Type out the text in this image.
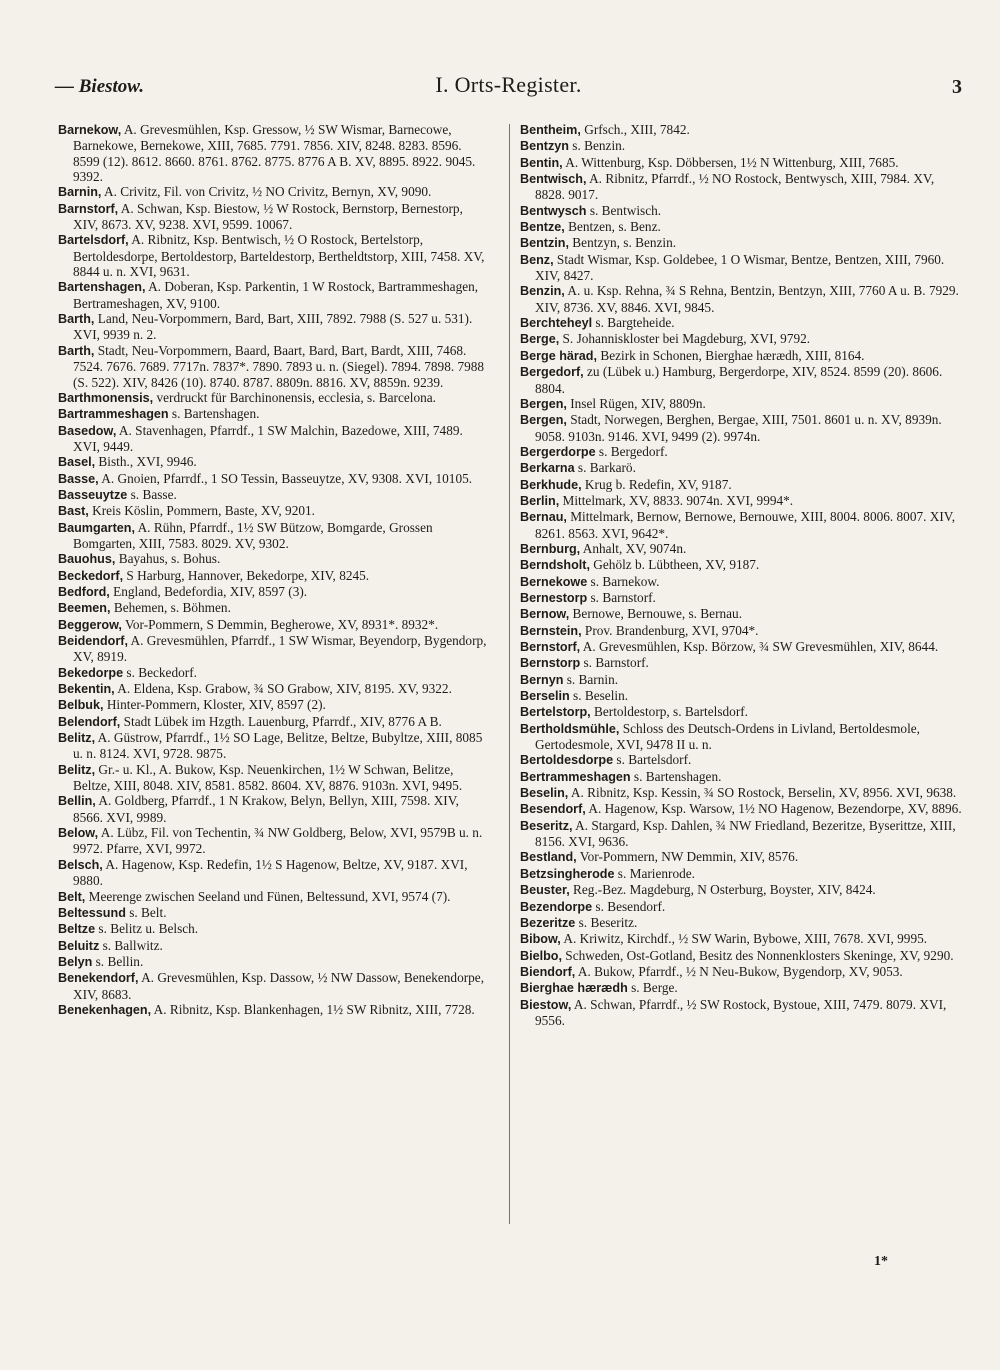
— Biestow.	I. Orts-Register.	3

Barnekow, A. Grevesmühlen, Ksp. Gressow, ½ SW Wismar, Barnecowe, Barnekowe, Bernekowe, XIII, 7685. 7791. 7856. XIV, 8248. 8283. 8596. 8599 (12). 8612. 8660. 8761. 8762. 8775. 8776 A B. XV, 8895. 8922. 9045. 9392.

Barnin, A. Crivitz, Fil. von Crivitz, ½ NO Crivitz, Bernyn, XV, 9090.

Barnstorf, A. Schwan, Ksp. Biestow, ½ W Rostock, Bernstorp, Bernestorp, XIV, 8673. XV, 9238. XVI, 9599. 10067.

Bartelsdorf, A. Ribnitz, Ksp. Bentwisch, ½ O Rostock, Bertelstorp, Bertoldesdorpe, Bertoldestorp, Barteldestorp, Bertheldtstorp, XIII, 7458. XV, 8844 u. n. XVI, 9631.

Bartenshagen, A. Doberan, Ksp. Parkentin, 1 W Rostock, Bartrammeshagen, Bertrameshagen, XV, 9100.

Barth, Land, Neu-Vorpommern, Bard, Bart, XIII, 7892. 7988 (S. 527 u. 531). XVI, 9939 n. 2.

Barth, Stadt, Neu-Vorpommern, Baard, Baart, Bard, Bart, Bardt, XIII, 7468. 7524. 7676. 7689. 7717n. 7837*. 7890. 7893 u. n. (Siegel). 7894. 7898. 7988 (S. 522). XIV, 8426 (10). 8740. 8787. 8809n. 8816. XV, 8859n. 9239.

Barthmonensis, verdruckt für Barchinonensis, ecclesia, s. Barcelona.

Bartrammeshagen s. Bartenshagen.

Basedow, A. Stavenhagen, Pfarrdf., 1 SW Malchin, Bazedowe, XIII, 7489. XVI, 9449.

Basel, Bisth., XVI, 9946.

Basse, A. Gnoien, Pfarrdf., 1 SO Tessin, Basseuytze, XV, 9308. XVI, 10105.

Basseuytze s. Basse.

Bast, Kreis Köslin, Pommern, Baste, XV, 9201.

Baumgarten, A. Rühn, Pfarrdf., 1½ SW Bützow, Bomgarde, Grossen Bomgarten, XIII, 7583. 8029. XV, 9302.

Bauohus, Bayahus, s. Bohus.

Beckedorf, S Harburg, Hannover, Bekedorpe, XIV, 8245.

Bedford, England, Bedefordia, XIV, 8597 (3).

Beemen, Behemen, s. Böhmen.

Beggerow, Vor-Pommern, S Demmin, Begherowe, XV, 8931*. 8932*.

Beidendorf, A. Grevesmühlen, Pfarrdf., 1 SW Wismar, Beyendorp, Bygendorp, XV, 8919.

Bekedorpe s. Beckedorf.

Bekentin, A. Eldena, Ksp. Grabow, ¾ SO Grabow, XIV, 8195. XV, 9322.

Belbuk, Hinter-Pommern, Kloster, XIV, 8597 (2).

Belendorf, Stadt Lübek im Hzgth. Lauenburg, Pfarrdf., XIV, 8776 A B.

Belitz, A. Güstrow, Pfarrdf., 1½ SO Lage, Belitze, Beltze, Bubyltze, XIII, 8085 u. n. 8124. XVI, 9728. 9875.

Belitz, Gr.- u. Kl., A. Bukow, Ksp. Neuenkirchen, 1½ W Schwan, Belitze, Beltze, XIII, 8048. XIV, 8581. 8582. 8604. XV, 8876. 9103n. XVI, 9495.

Bellin, A. Goldberg, Pfarrdf., 1 N Krakow, Belyn, Bellyn, XIII, 7598. XIV, 8566. XVI, 9989.

Below, A. Lübz, Fil. von Techentin, ¾ NW Goldberg, Below, XVI, 9579B u. n. 9972. Pfarre, XVI, 9972.

Belsch, A. Hagenow, Ksp. Redefin, 1½ S Hagenow, Beltze, XV, 9187. XVI, 9880.

Belt, Meerenge zwischen Seeland und Fünen, Beltessund, XVI, 9574 (7).

Beltessund s. Belt.

Beltze s. Belitz u. Belsch.

Beluitz s. Ballwitz.

Belyn s. Bellin.

Benekendorf, A. Grevesmühlen, Ksp. Dassow, ½ NW Dassow, Benekendorpe, XIV, 8683.

Benekenhagen, A. Ribnitz, Ksp. Blankenhagen, 1½ SW Ribnitz, XIII, 7728.

Bentheim, Grfsch., XIII, 7842.

Bentzyn s. Benzin.

Bentin, A. Wittenburg, Ksp. Döbbersen, 1½ N Wittenburg, XIII, 7685.

Bentwisch, A. Ribnitz, Pfarrdf., ½ NO Rostock, Bentwysch, XIII, 7984. XV, 8828. 9017.

Bentwysch s. Bentwisch.

Bentze, Bentzen, s. Benz.

Bentzin, Bentzyn, s. Benzin.

Benz, Stadt Wismar, Ksp. Goldebee, 1 O Wismar, Bentze, Bentzen, XIII, 7960. XIV, 8427.

Benzin, A. u. Ksp. Rehna, ¾ S Rehna, Bentzin, Bentzyn, XIII, 7760 A u. B. 7929. XIV, 8736. XV, 8846. XVI, 9845.

Berchteheyl s. Bargteheide.

Berge, S. Johanniskloster bei Magdeburg, XVI, 9792.

Berge härad, Bezirk in Schonen, Bierghae hærædh, XIII, 8164.

Bergedorf, zu (Lübek u.) Hamburg, Bergerdorpe, XIV, 8524. 8599 (20). 8606. 8804.

Bergen, Insel Rügen, XIV, 8809n.

Bergen, Stadt, Norwegen, Berghen, Bergae, XIII, 7501. 8601 u. n. XV, 8939n. 9058. 9103n. 9146. XVI, 9499 (2). 9974n.

Bergerdorpe s. Bergedorf.

Berkarna s. Barkarö.

Berkhude, Krug b. Redefin, XV, 9187.

Berlin, Mittelmark, XV, 8833. 9074n. XVI, 9994*.

Bernau, Mittelmark, Bernow, Bernowe, Bernouwe, XIII, 8004. 8006. 8007. XIV, 8261. 8563. XVI, 9642*.

Bernburg, Anhalt, XV, 9074n.

Berndsholt, Gehölz b. Lübtheen, XV, 9187.

Bernekowe s. Barnekow.

Bernestorp s. Barnstorf.

Bernow, Bernowe, Bernouwe, s. Bernau.

Bernstein, Prov. Brandenburg, XVI, 9704*.

Bernstorf, A. Grevesmühlen, Ksp. Börzow, ¾ SW Grevesmühlen, XIV, 8644.

Bernstorp s. Barnstorf.

Bernyn s. Barnin.

Berselin s. Beselin.

Bertelstorp, Bertoldestorp, s. Bartelsdorf.

Bertholdsmühle, Schloss des Deutsch-Ordens in Livland, Bertoldesmole, Gertodesmole, XVI, 9478 II u. n.

Bertoldesdorpe s. Bartelsdorf.

Bertrammeshagen s. Bartenshagen.

Beselin, A. Ribnitz, Ksp. Kessin, ¾ SO Rostock, Berselin, XV, 8956. XVI, 9638.

Besendorf, A. Hagenow, Ksp. Warsow, 1½ NO Hagenow, Bezendorpe, XV, 8896.

Beseritz, A. Stargard, Ksp. Dahlen, ¾ NW Friedland, Bezeritze, Byserittze, XIII, 8156. XVI, 9636.

Bestland, Vor-Pommern, NW Demmin, XIV, 8576.

Betzsingherode s. Marienrode.

Beuster, Reg.-Bez. Magdeburg, N Osterburg, Boyster, XIV, 8424.

Bezendorpe s. Besendorf.

Bezeritze s. Beseritz.

Bibow, A. Kriwitz, Kirchdf., ½ SW Warin, Bybowe, XIII, 7678. XVI, 9995.

Bielbo, Schweden, Ost-Gotland, Besitz des Nonnenklosters Skeninge, XV, 9290.

Biendorf, A. Bukow, Pfarrdf., ½ N Neu-Bukow, Bygendorp, XV, 9053.

Bierghae hærædh s. Berge.

Biestow, A. Schwan, Pfarrdf., ½ SW Rostock, Bystoue, XIII, 7479. 8079. XVI, 9556.

1*
